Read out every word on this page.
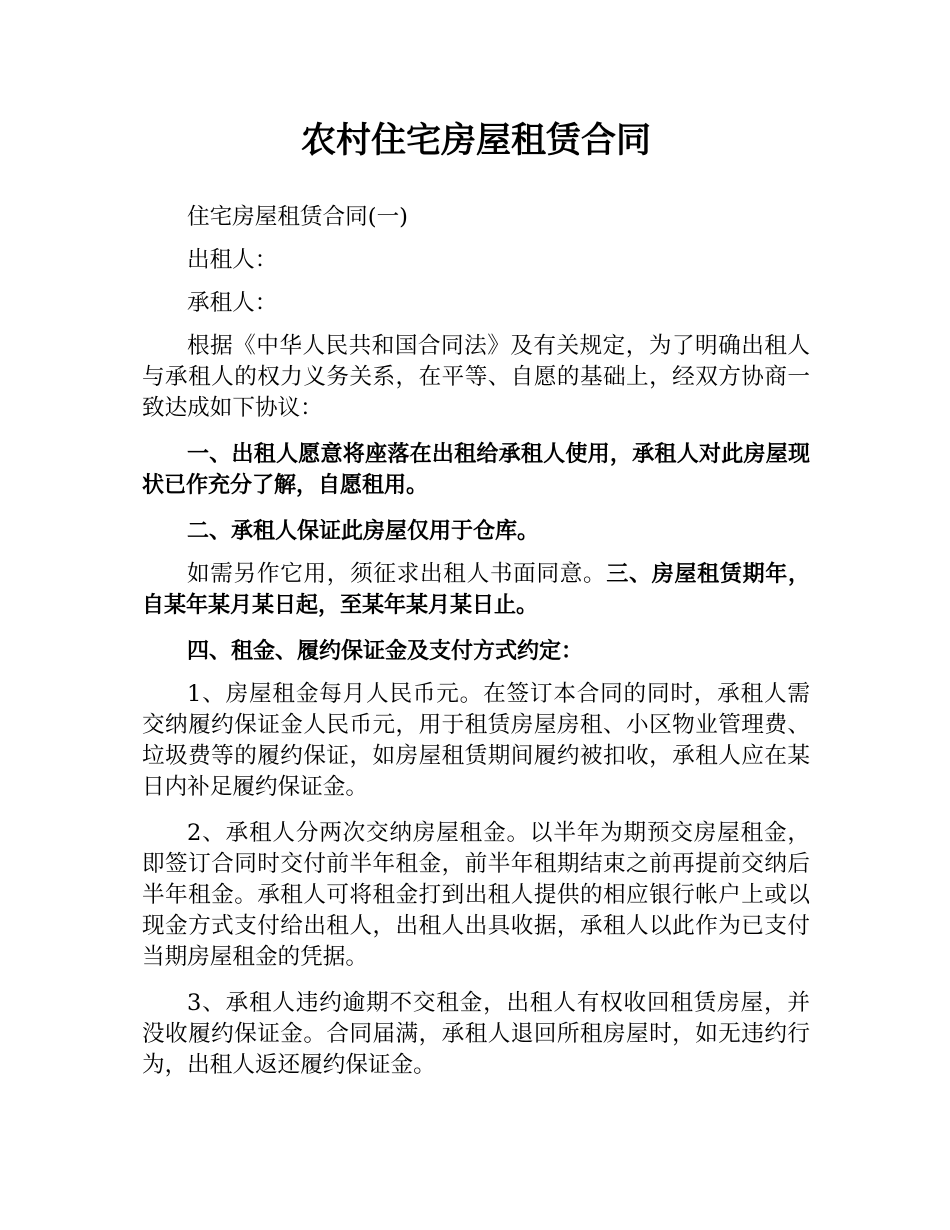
农村住宅房屋租赁合同

住宅房屋租赁合同(一)

出租人：

承租人：

根据《中华人民共和国合同法》及有关规定，为了明确出租人与承租人的权力义务关系，在平等、自愿的基础上，经双方协商一致达成如下协议：

一、出租人愿意将座落在出租给承租人使用，承租人对此房屋现状已作充分了解，自愿租用。

二、承租人保证此房屋仅用于仓库。

如需另作它用，须征求出租人书面同意。三、房屋租赁期年，自某年某月某日起，至某年某月某日止。

四、租金、履约保证金及支付方式约定：

1、房屋租金每月人民币元。在签订本合同的同时，承租人需交纳履约保证金人民币元，用于租赁房屋房租、小区物业管理费、垃圾费等的履约保证，如房屋租赁期间履约被扣收，承租人应在某日内补足履约保证金。

2、承租人分两次交纳房屋租金。以半年为期预交房屋租金，即签订合同时交付前半年租金，前半年租期结束之前再提前交纳后半年租金。承租人可将租金打到出租人提供的相应银行帐户上或以现金方式支付给出租人，出租人出具收据，承租人以此作为已支付当期房屋租金的凭据。

3、承租人违约逾期不交租金，出租人有权收回租赁房屋，并没收履约保证金。合同届满，承租人退回所租房屋时，如无违约行为，出租人返还履约保证金。
